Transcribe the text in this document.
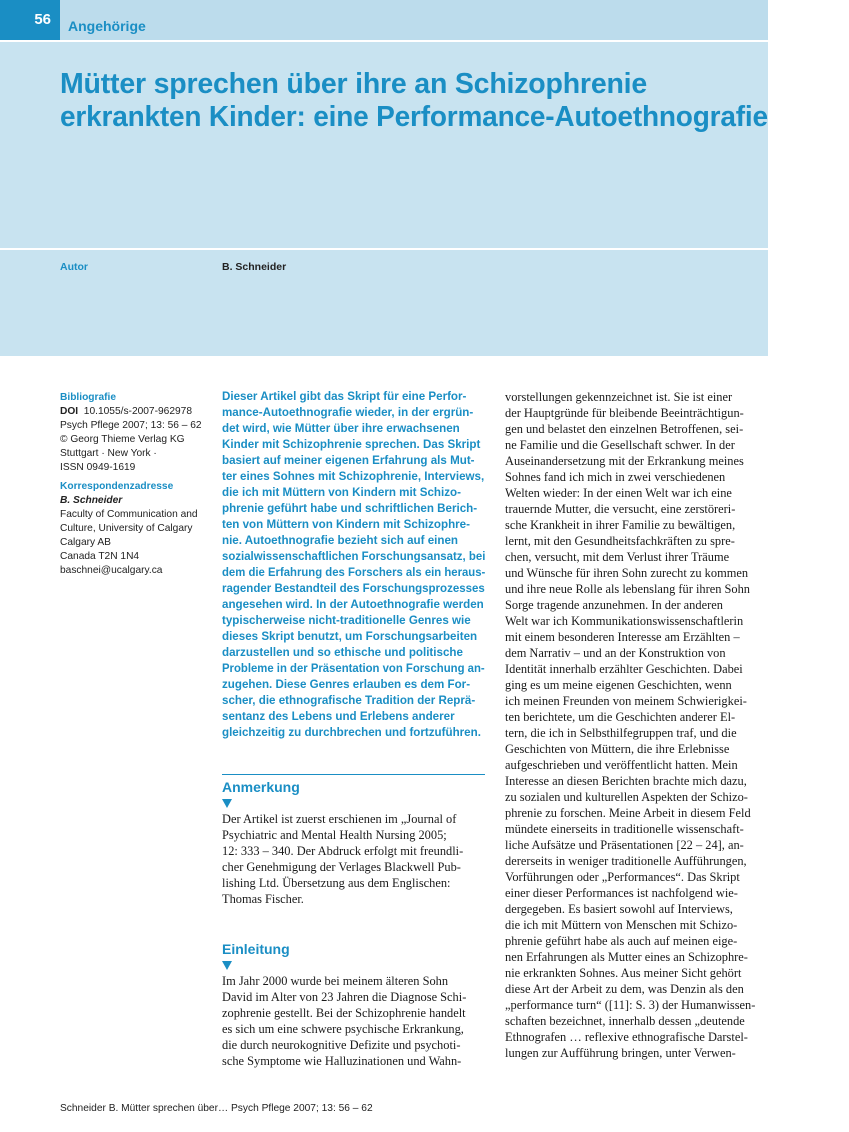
56	Angehörige
Mütter sprechen über ihre an Schizophrenie
erkrankten Kinder: eine Performance-Autoethnografie
Autor	B. Schneider
Bibliografie
DOI 10.1055/s-2007-962978
Psych Pflege 2007; 13: 56 – 62
© Georg Thieme Verlag KG
Stuttgart · New York ·
ISSN 0949-1619
Korrespondenzadresse
B. Schneider
Faculty of Communication and
Culture, University of Calgary
Calgary AB
Canada T2N 1N4
baschnei@ucalgary.ca
Dieser Artikel gibt das Skript für eine Perfor-
mance-Autoethnografie wieder, in der ergrün-
det wird, wie Mütter über ihre erwachsenen
Kinder mit Schizophrenie sprechen. Das Skript
basiert auf meiner eigenen Erfahrung als Mut-
ter eines Sohnes mit Schizophrenie, Interviews,
die ich mit Müttern von Kindern mit Schizo-
phrenie geführt habe und schriftlichen Berich-
ten von Müttern von Kindern mit Schizophre-
nie. Autoethnografie bezieht sich auf einen
sozialwissenschaftlichen Forschungsansatz, bei
dem die Erfahrung des Forschers als ein heraus-
ragender Bestandteil des Forschungsprozesses
angesehen wird. In der Autoethnografie werden
typischerweise nicht-traditionelle Genres wie
dieses Skript benutzt, um Forschungsarbeiten
darzustellen und so ethische und politische
Probleme in der Präsentation von Forschung an-
zugehen. Diese Genres erlauben es dem For-
scher, die ethnografische Tradition der Reprä-
sentanz des Lebens und Erlebens anderer
gleichzeitig zu durchbrechen und fortzuführen.
Anmerkung
Der Artikel ist zuerst erschienen im „Journal of
Psychiatric and Mental Health Nursing 2005;
12: 333 – 340. Der Abdruck erfolgt mit freundli-
cher Genehmigung der Verlages Blackwell Pub-
lishing Ltd. Übersetzung aus dem Englischen:
Thomas Fischer.
Einleitung
Im Jahr 2000 wurde bei meinem älteren Sohn
David im Alter von 23 Jahren die Diagnose Schi-
zophrenie gestellt. Bei der Schizophrenie handelt
es sich um eine schwere psychische Erkrankung,
die durch neurokognitive Defizite und psychoti-
sche Symptome wie Halluzinationen und Wahn-
vorstellungen gekennzeichnet ist. Sie ist einer
der Hauptgründe für bleibende Beeinträchtigun-
gen und belastet den einzelnen Betroffenen, sei-
ne Familie und die Gesellschaft schwer. In der
Auseinandersetzung mit der Erkrankung meines
Sohnes fand ich mich in zwei verschiedenen
Welten wieder: In der einen Welt war ich eine
trauernde Mutter, die versucht, eine zerstöreri-
sche Krankheit in ihrer Familie zu bewältigen,
lernt, mit den Gesundheitsfachkräften zu spre-
chen, versucht, mit dem Verlust ihrer Träume
und Wünsche für ihren Sohn zurecht zu kommen
und ihre neue Rolle als lebenslang für ihren Sohn
Sorge tragende anzunehmen. In der anderen
Welt war ich Kommunikationswissenschaftlerin
mit einem besonderen Interesse am Erzählten –
dem Narrativ – und an der Konstruktion von
Identität innerhalb erzählter Geschichten. Dabei
ging es um meine eigenen Geschichten, wenn
ich meinen Freunden von meinem Schwierigkei-
ten berichtete, um die Geschichten anderer El-
tern, die ich in Selbsthilfegruppen traf, und die
Geschichten von Müttern, die ihre Erlebnisse
aufgeschrieben und veröffentlicht hatten. Mein
Interesse an diesen Berichten brachte mich dazu,
zu sozialen und kulturellen Aspekten der Schizo-
phrenie zu forschen. Meine Arbeit in diesem Feld
mündete einerseits in traditionelle wissenschaft-
liche Aufsätze und Präsentationen [22 – 24], an-
dererseits in weniger traditionelle Aufführungen,
Vorführungen oder „Performances“. Das Skript
einer dieser Performances ist nachfolgend wie-
dergegeben. Es basiert sowohl auf Interviews,
die ich mit Müttern von Menschen mit Schizo-
phrenie geführt habe als auch auf meinen eige-
nen Erfahrungen als Mutter eines an Schizophre-
nie erkrankten Sohnes. Aus meiner Sicht gehört
diese Art der Arbeit zu dem, was Denzin als den
„performance turn“ ([11]: S. 3) der Humanwissen-
schaften bezeichnet, innerhalb dessen „deutende
Ethnografen … reflexive ethnografische Darstel-
lungen zur Aufführung bringen, unter Verwen-
Schneider B. Mütter sprechen über… Psych Pflege 2007; 13: 56 – 62
